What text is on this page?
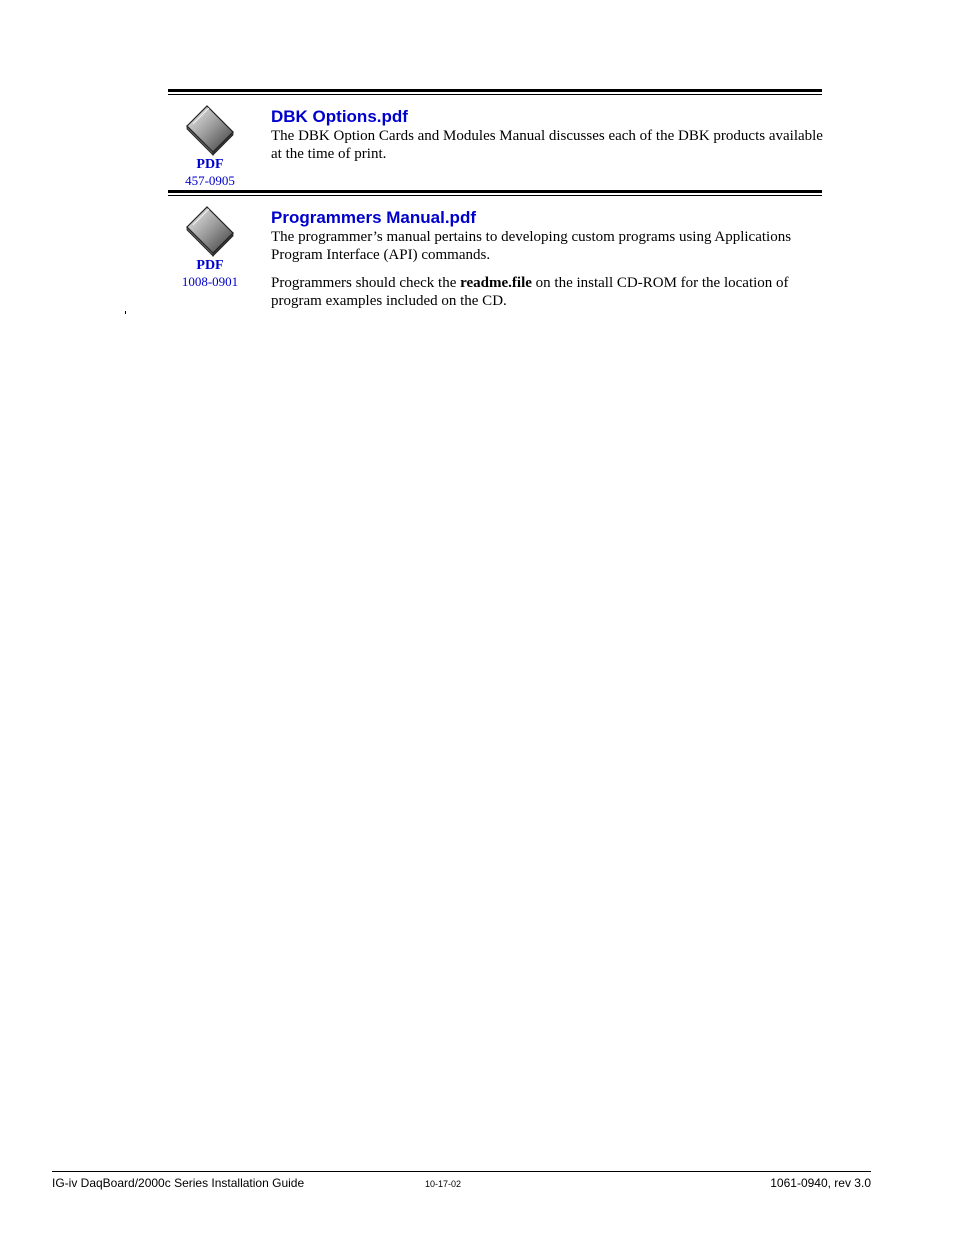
PDF
457-0905
DBK Options.pdf

The DBK Option Cards and Modules Manual discusses each of the DBK products available at the time of print.

PDF
1008-0901
Programmers Manual.pdf

The programmer’s manual pertains to developing custom programs using Applications Program Interface (API) commands.

Programmers should check the readme.file on the install CD-ROM for the location of program examples included on the CD.

IG-iv DaqBoard/2000c Series Installation Guide	10-17-02	1061-0940, rev 3.0
